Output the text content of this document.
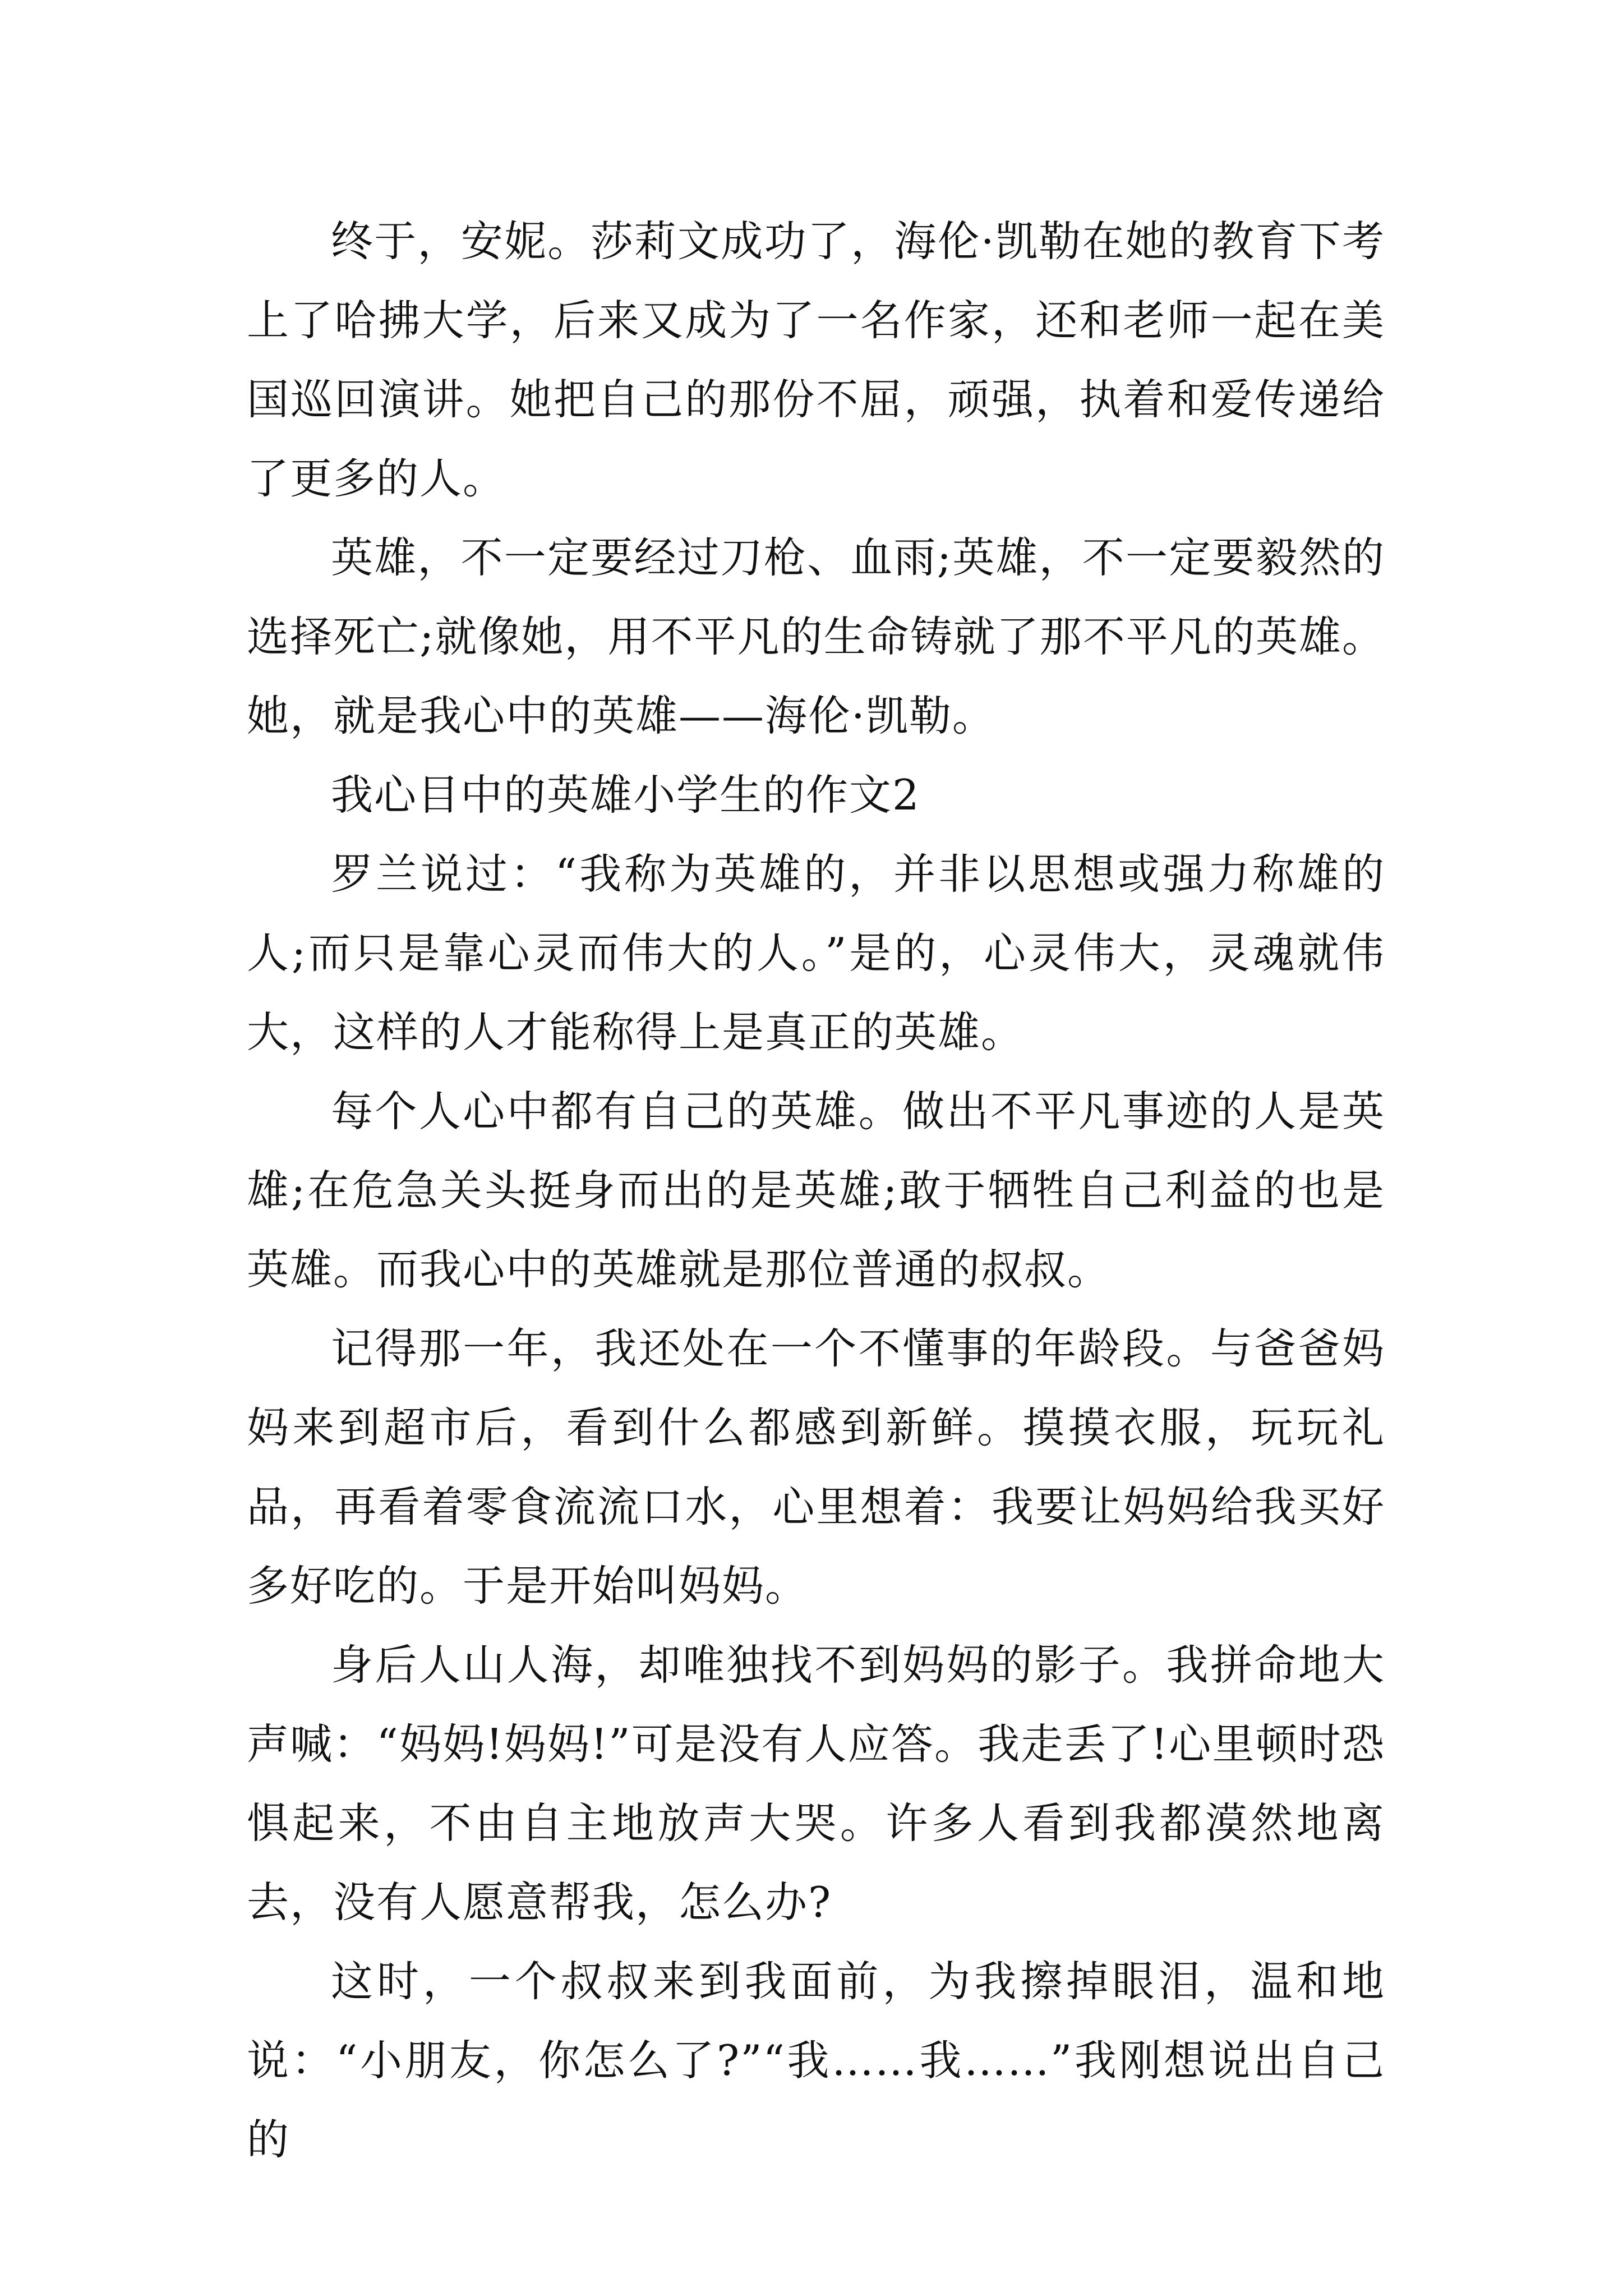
终于，安妮。莎莉文成功了，海伦·凯勒在她的教育下考上了哈拂大学，后来又成为了一名作家，还和老师一起在美国巡回演讲。她把自己的那份不屈，顽强，执着和爱传递给了更多的人。

英雄，不一定要经过刀枪、血雨;英雄，不一定要毅然的选择死亡;就像她，用不平凡的生命铸就了那不平凡的英雄。她，就是我心中的英雄——海伦·凯勒。

我心目中的英雄小学生的作文2

罗兰说过：“我称为英雄的，并非以思想或强力称雄的人;而只是靠心灵而伟大的人。”是的，心灵伟大，灵魂就伟大，这样的人才能称得上是真正的英雄。

每个人心中都有自己的英雄。做出不平凡事迹的人是英雄;在危急关头挺身而出的是英雄;敢于牺牲自己利益的也是英雄。而我心中的英雄就是那位普通的叔叔。

记得那一年，我还处在一个不懂事的年龄段。与爸爸妈妈来到超市后，看到什么都感到新鲜。摸摸衣服，玩玩礼品，再看着零食流流口水，心里想着：我要让妈妈给我买好多好吃的。于是开始叫妈妈。

身后人山人海，却唯独找不到妈妈的影子。我拼命地大声喊：“妈妈!妈妈!”可是没有人应答。我走丢了!心里顿时恐惧起来，不由自主地放声大哭。许多人看到我都漠然地离去，没有人愿意帮我，怎么办?

这时，一个叔叔来到我面前，为我擦掉眼泪，温和地说：“小朋友，你怎么了?”“我……我……”我刚想说出自己的
